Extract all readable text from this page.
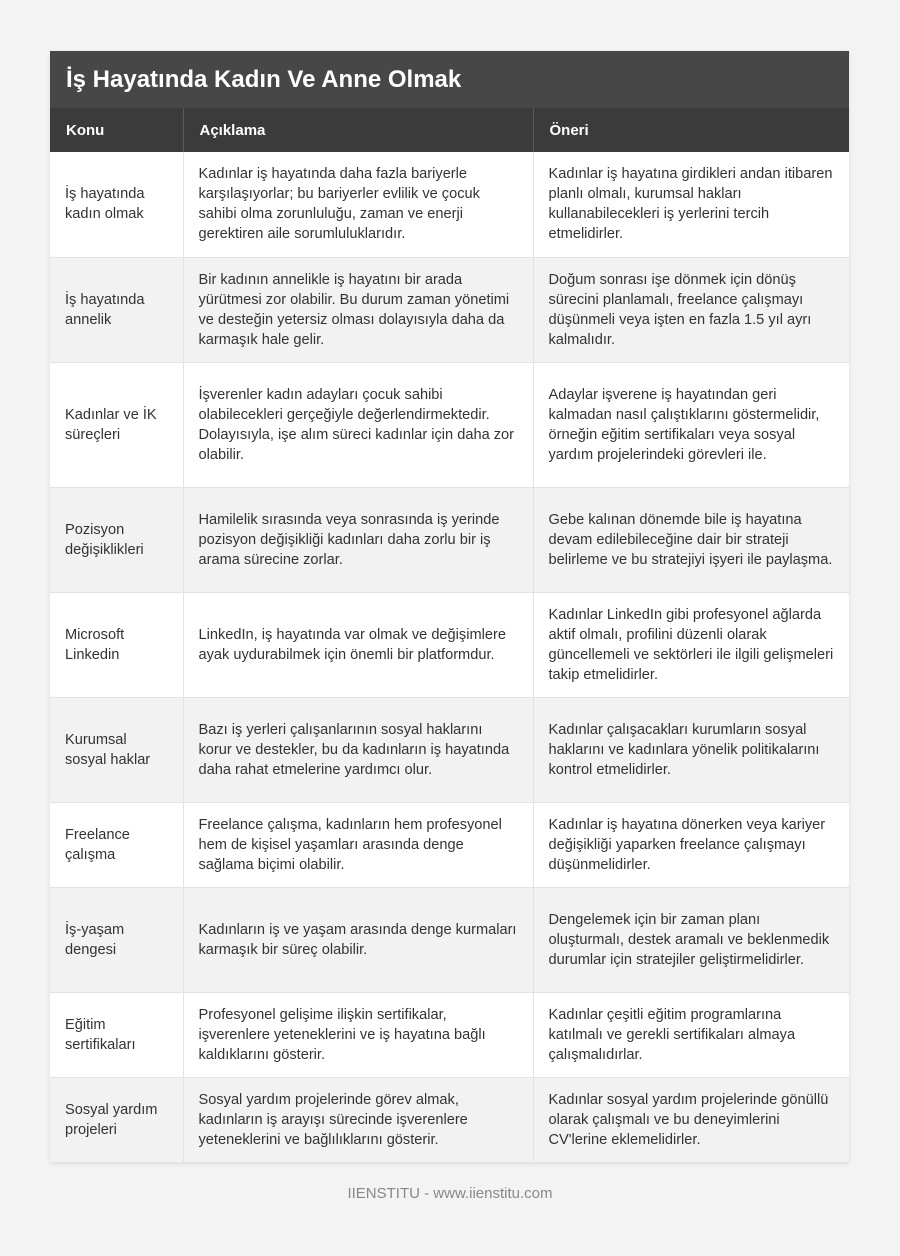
İş Hayatında Kadın Ve Anne Olmak
Konu	Açıklama	Öneri
İş hayatında kadın olmak	Kadınlar iş hayatında daha fazla bariyerle karşılaşıyorlar; bu bariyerler evlilik ve çocuk sahibi olma zorunluluğu, zaman ve enerji gerektiren aile sorumluluklarıdır.	Kadınlar iş hayatına girdikleri andan itibaren planlı olmalı, kurumsal hakları kullanabilecekleri iş yerlerini tercih etmelidirler.
İş hayatında annelik	Bir kadının annelikle iş hayatını bir arada yürütmesi zor olabilir. Bu durum zaman yönetimi ve desteğin yetersiz olması dolayısıyla daha da karmaşık hale gelir.	Doğum sonrası işe dönmek için dönüş sürecini planlamalı, freelance çalışmayı düşünmeli veya işten en fazla 1.5 yıl ayrı kalmalıdır.
Kadınlar ve İK süreçleri	İşverenler kadın adayları çocuk sahibi olabilecekleri gerçeğiyle değerlendirmektedir. Dolayısıyla, işe alım süreci kadınlar için daha zor olabilir.	Adaylar işverene iş hayatından geri kalmadan nasıl çalıştıklarını göstermelidir, örneğin eğitim sertifikaları veya sosyal yardım projelerindeki görevleri ile.
Pozisyon değişiklikleri	Hamilelik sırasında veya sonrasında iş yerinde pozisyon değişikliği kadınları daha zorlu bir iş arama sürecine zorlar.	Gebe kalınan dönemde bile iş hayatına devam edilebileceğine dair bir strateji belirleme ve bu stratejiyi işyeri ile paylaşma.
Microsoft Linkedin	LinkedIn, iş hayatında var olmak ve değişimlere ayak uydurabilmek için önemli bir platformdur.	Kadınlar LinkedIn gibi profesyonel ağlarda aktif olmalı, profilini düzenli olarak güncellemeli ve sektörleri ile ilgili gelişmeleri takip etmelidirler.
Kurumsal sosyal haklar	Bazı iş yerleri çalışanlarının sosyal haklarını korur ve destekler, bu da kadınların iş hayatında daha rahat etmelerine yardımcı olur.	Kadınlar çalışacakları kurumların sosyal haklarını ve kadınlara yönelik politikalarını kontrol etmelidirler.
Freelance çalışma	Freelance çalışma, kadınların hem profesyonel hem de kişisel yaşamları arasında denge sağlama biçimi olabilir.	Kadınlar iş hayatına dönerken veya kariyer değişikliği yaparken freelance çalışmayı düşünmelidirler.
İş-yaşam dengesi	Kadınların iş ve yaşam arasında denge kurmaları karmaşık bir süreç olabilir.	Dengelemek için bir zaman planı oluşturmalı, destek aramalı ve beklenmedik durumlar için stratejiler geliştirmelidirler.
Eğitim sertifikaları	Profesyonel gelişime ilişkin sertifikalar, işverenlere yeteneklerini ve iş hayatına bağlı kaldıklarını gösterir.	Kadınlar çeşitli eğitim programlarına katılmalı ve gerekli sertifikaları almaya çalışmalıdırlar.
Sosyal yardım projeleri	Sosyal yardım projelerinde görev almak, kadınların iş arayışı sürecinde işverenlere yeteneklerini ve bağlılıklarını gösterir.	Kadınlar sosyal yardım projelerinde gönüllü olarak çalışmalı ve bu deneyimlerini CV'lerine eklemelidirler.
IIENSTITU - www.iienstitu.com
